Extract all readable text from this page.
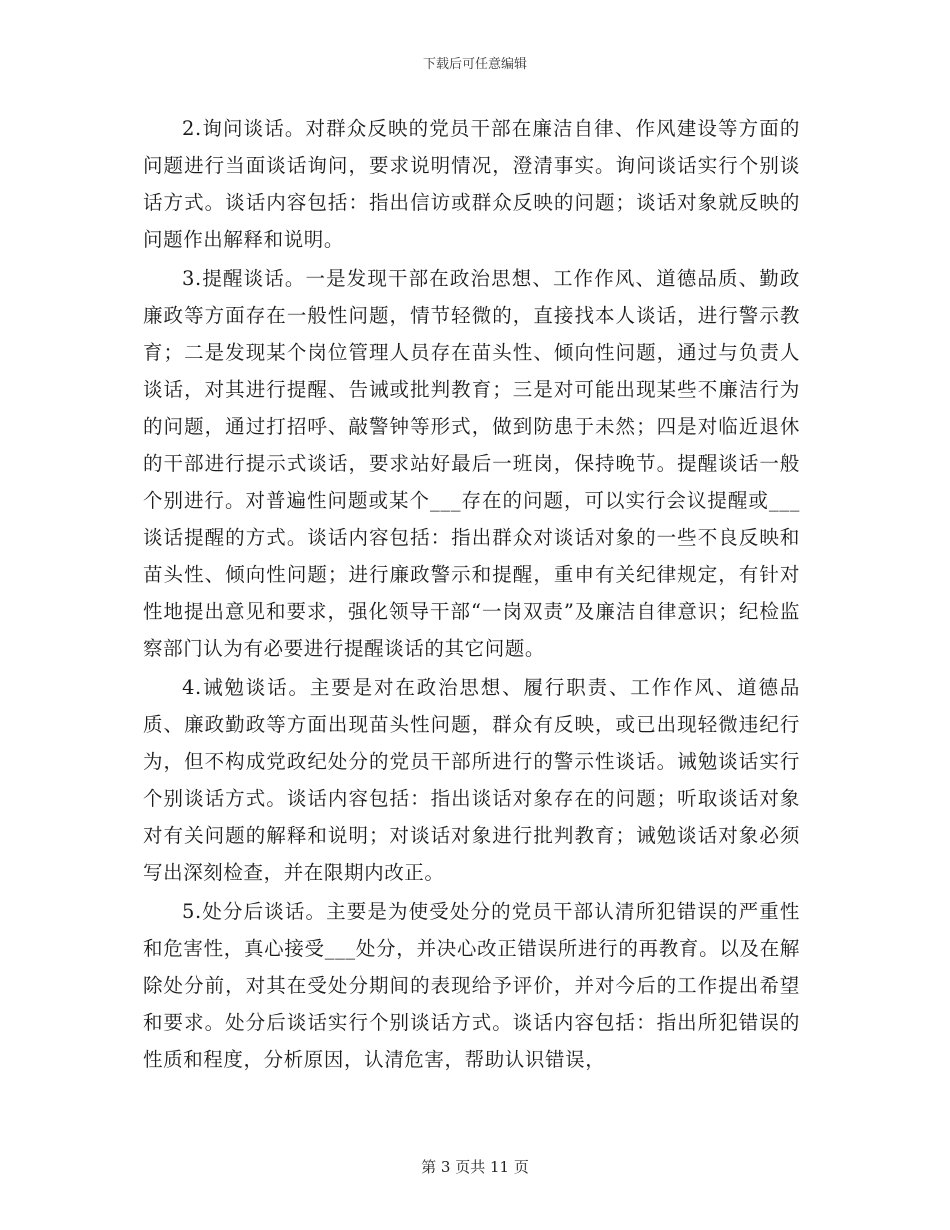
下载后可任意编辑

2.询问谈话。对群众反映的党员干部在廉洁自律、作风建设等方面的问题进行当面谈话询问，要求说明情况，澄清事实。询问谈话实行个别谈话方式。谈话内容包括：指出信访或群众反映的问题；谈话对象就反映的问题作出解释和说明。

3.提醒谈话。一是发现干部在政治思想、工作作风、道德品质、勤政廉政等方面存在一般性问题，情节轻微的，直接找本人谈话，进行警示教育；二是发现某个岗位管理人员存在苗头性、倾向性问题，通过与负责人谈话，对其进行提醒、告诫或批判教育；三是对可能出现某些不廉洁行为的问题，通过打招呼、敲警钟等形式，做到防患于未然；四是对临近退休的干部进行提示式谈话，要求站好最后一班岗，保持晚节。提醒谈话一般个别进行。对普遍性问题或某个___存在的问题，可以实行会议提醒或___谈话提醒的方式。谈话内容包括：指出群众对谈话对象的一些不良反映和苗头性、倾向性问题；进行廉政警示和提醒，重申有关纪律规定，有针对性地提出意见和要求，强化领导干部“一岗双责”及廉洁自律意识；纪检监察部门认为有必要进行提醒谈话的其它问题。

4.诫勉谈话。主要是对在政治思想、履行职责、工作作风、道德品质、廉政勤政等方面出现苗头性问题，群众有反映，或已出现轻微违纪行为，但不构成党政纪处分的党员干部所进行的警示性谈话。诫勉谈话实行个别谈话方式。谈话内容包括：指出谈话对象存在的问题；听取谈话对象对有关问题的解释和说明；对谈话对象进行批判教育；诫勉谈话对象必须写出深刻检查，并在限期内改正。

5.处分后谈话。主要是为使受处分的党员干部认清所犯错误的严重性和危害性，真心接受___处分，并决心改正错误所进行的再教育。以及在解除处分前，对其在受处分期间的表现给予评价，并对今后的工作提出希望和要求。处分后谈话实行个别谈话方式。谈话内容包括：指出所犯错误的性质和程度，分析原因，认清危害，帮助认识错误，

第 3 页共 11 页
